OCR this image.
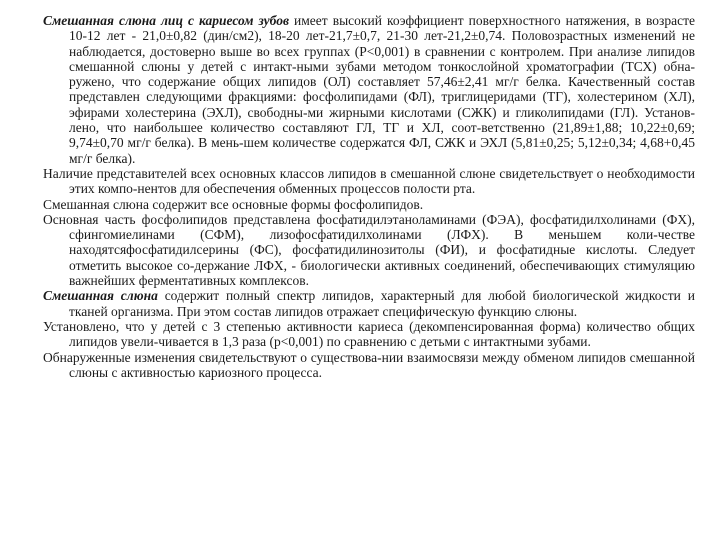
Смешанная слюна лиц с кариесом зубов имеет высокий коэффициент поверхностного натяжения, в возрасте 10-12 лет - 21,0±0,82 (дин/см2), 18-20 лет-21,7±0,7, 21-30 лет-21,2±0,74. Половозрастных изменений не наблюдается, достоверно выше во всех группах (Р<0,001) в сравнении с контролем. При анализе липидов смешанной слюны у детей с интакт-ными зубами методом тонкослойной хроматографии (ТСХ) обна-ружено, что содержание общих липидов (ОЛ) составляет 57,46±2,41 мг/г белка. Качественный состав представлен следующими фракциями: фосфолипидами (ФЛ), триглицеридами (ТГ), холестерином (ХЛ), эфирами холестерина (ЭХЛ), свободны-ми жирными кислотами (СЖК) и гликолипидами (ГЛ). Установ-лено, что наибольшее количество составляют ГЛ, ТГ и ХЛ, соот-ветственно (21,89±1,88; 10,22±0,69; 9,74±0,70 мг/г белка). В мень-шем количестве содержатся ФЛ, СЖК и ЭХЛ (5,81±0,25; 5,12±0,34; 4,68+0,45 мг/г белка).

Наличие представителей всех основных классов липидов в смешанной слюне свидетельствует о необходимости этих компо-нентов для обеспечения обменных процессов полости рта.

Смешанная слюна содержит все основные формы фосфолипидов.

Основная часть фосфолипидов представлена фосфатидилэтаноламинами (ФЭА), фосфатидилхолинами (ФХ), сфингомиелинами (СФМ), лизофосфатидилхолинами (ЛФХ). В меньшем коли-честве находятсяфосфатидилсерины (ФС), фосфатидилинозитолы (ФИ), и фосфатидные кислоты. Следует отметить высокое со-держание ЛФХ, - биологически активных соединений, обеспечивающих стимуляцию важнейших ферментативных комплексов.

Смешанная слюна содержит полный спектр липидов, характерный для любой биологической жидкости и тканей организма. При этом состав липидов отражает специфическую функцию слюны.

Установлено, что у детей с 3 степенью активности кариеса (декомпенсированная форма) количество общих липидов увели-чивается в 1,3 раза (р<0,001) по сравнению с детьми с интактными зубами.

Обнаруженные изменения свидетельствуют о существова-нии взаимосвязи между обменом липидов смешанной слюны с активностью кариозного процесса.
